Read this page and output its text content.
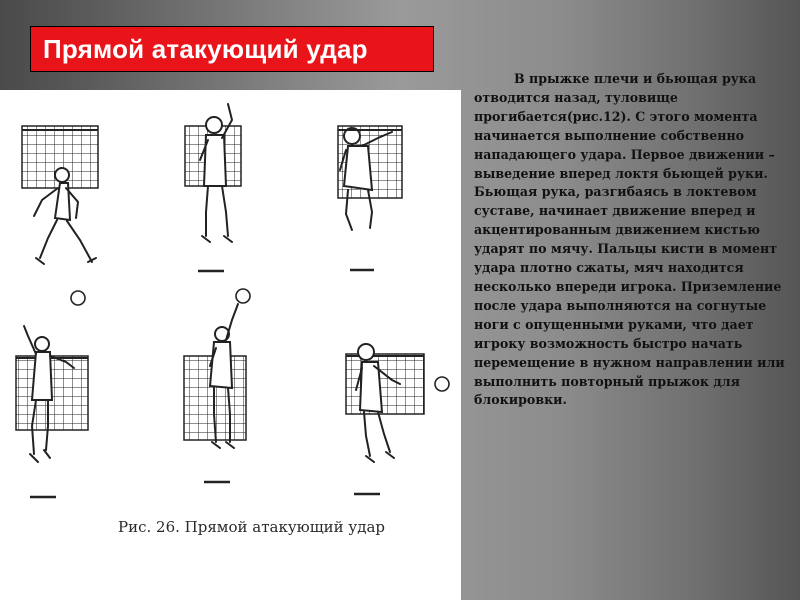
Прямой атакующий удар
Рис. 26. Прямой атакующий удар
В прыжке плечи и бьющая рука отводится назад, туловище прогибается(рис.12). С этого момента начинается выполнение собственно нападающего удара. Первое движении – выведение вперед локтя бьющей руки. Бьющая рука, разгибаясь в локтевом суставе, начинает движение вперед и акцентированным движением кистью ударят по мячу. Пальцы кисти в момент удара плотно сжаты, мяч находится несколько впереди игрока. Приземление после удара выполняются на согнутые ноги с опущенными руками, что дает игроку возможность быстро начать перемещение в нужном направлении или выполнить повторный прыжок для блокировки.
